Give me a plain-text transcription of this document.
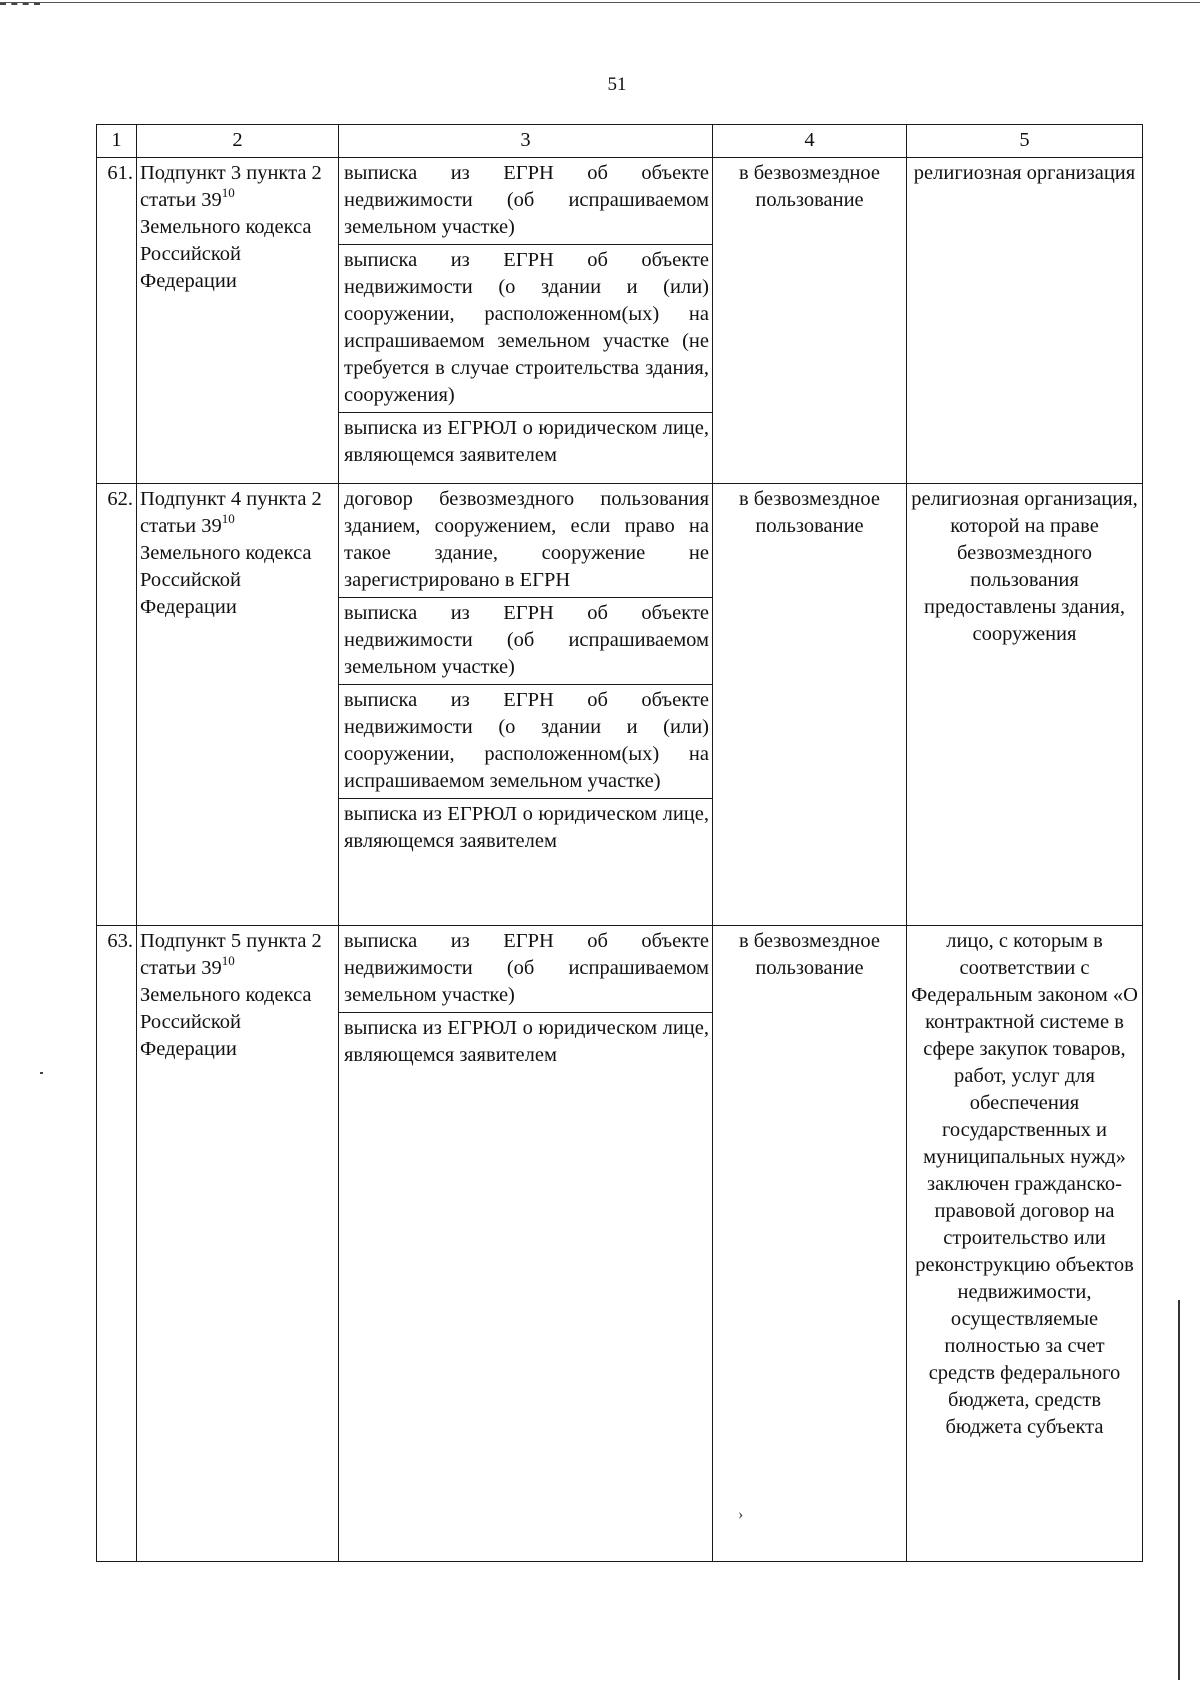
51
1	2	3	4	5
61.	Подпункт 3 пункта 2 статьи $39^{10}$ Земельного кодекса Российской Федерации	выписка из ЕГРН об объекте недвижимости (об испрашиваемом земельном участке)
выписка из ЕГРН об объекте недвижимости (о здании и (или) сооружении, расположенном(ых) на испрашиваемом земельном участке (не требуется в случае строительства здания, сооружения)
выписка из ЕГРЮЛ о юридическом лице, являющемся заявителем	в безвозмездное пользование	религиозная организация
62.	Подпункт 4 пункта 2 статьи $39^{10}$ Земельного кодекса Российской Федерации	договор безвозмездного пользования зданием, сооружением, если право на такое здание, сооружение не зарегистрировано в ЕГРН
выписка из ЕГРН об объекте недвижимости (об испрашиваемом земельном участке)
выписка из ЕГРН об объекте недвижимости (о здании и (или) сооружении, расположенном(ых) на испрашиваемом земельном участке)
выписка из ЕГРЮЛ о юридическом лице, являющемся заявителем	в безвозмездное пользование	религиозная организация, которой на праве безвозмездного пользования предоставлены здания, сооружения
63.	Подпункт 5 пункта 2 статьи $39^{10}$ Земельного кодекса Российской Федерации	выписка из ЕГРН об объекте недвижимости (об испрашиваемом земельном участке)
выписка из ЕГРЮЛ о юридическом лице, являющемся заявителем	в безвозмездное пользование	лицо, с которым в соответствии с Федеральным законом «О контрактной системе в сфере закупок товаров, работ, услуг для обеспечения государственных и муниципальных нужд» заключен гражданско-правовой договор на строительство или реконструкцию объектов недвижимости, осуществляемые полностью за счет средств федерального бюджета, средств бюджета субъекта
›
